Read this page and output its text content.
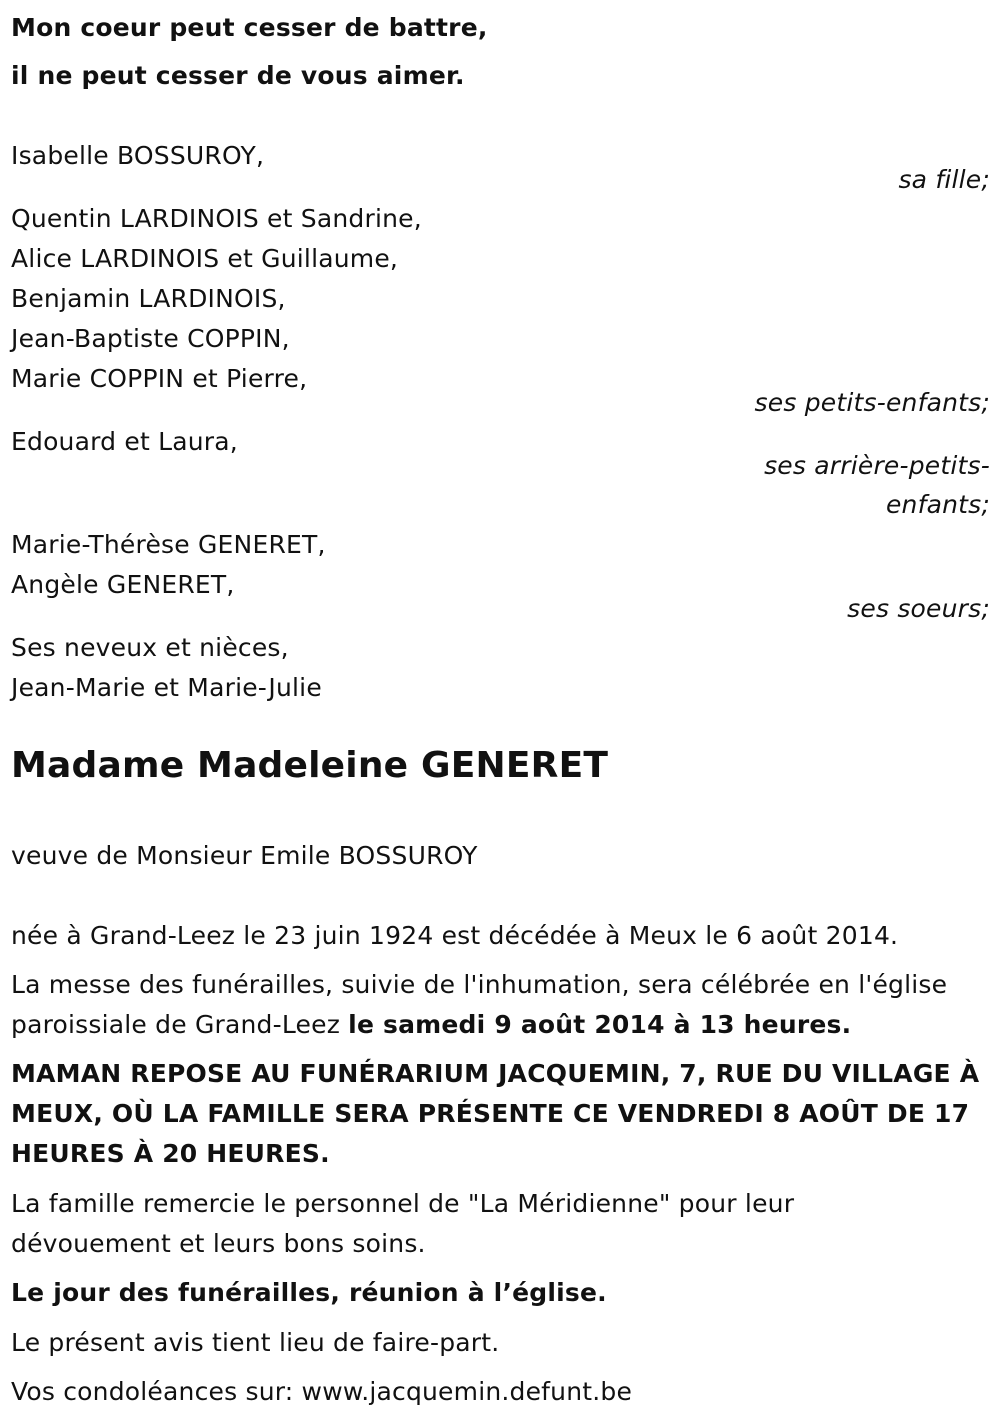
Mon coeur peut cesser de battre,
il ne peut cesser de vous aimer.
Isabelle BOSSUROY,
sa fille;
Quentin LARDINOIS et Sandrine,
Alice LARDINOIS et Guillaume,
Benjamin LARDINOIS,
Jean-Baptiste COPPIN,
Marie COPPIN et Pierre,
ses petits-enfants;
Edouard et Laura,
ses arrière-petits-
enfants;
Marie-Thérèse GENERET,
Angèle GENERET,
ses soeurs;
Ses neveux et nièces,
Jean-Marie et Marie-Julie
Madame Madeleine GENERET
veuve de Monsieur Emile BOSSUROY
née à Grand-Leez le 23 juin 1924 est décédée à Meux le 6 août 2014.
La messe des funérailles, suivie de l'inhumation, sera célébrée en l'église
paroissiale de Grand-Leez le samedi 9 août 2014 à 13 heures.
MAMAN REPOSE AU FUNÉRARIUM JACQUEMIN, 7, RUE DU VILLAGE À
MEUX, OÙ LA FAMILLE SERA PRÉSENTE CE VENDREDI 8 AOÛT DE 17
HEURES À 20 HEURES.
La famille remercie le personnel de "La Méridienne" pour leur
dévouement et leurs bons soins.
Le jour des funérailles, réunion à l’église.
Le présent avis tient lieu de faire-part.
Vos condoléances sur: www.jacquemin.defunt.be
